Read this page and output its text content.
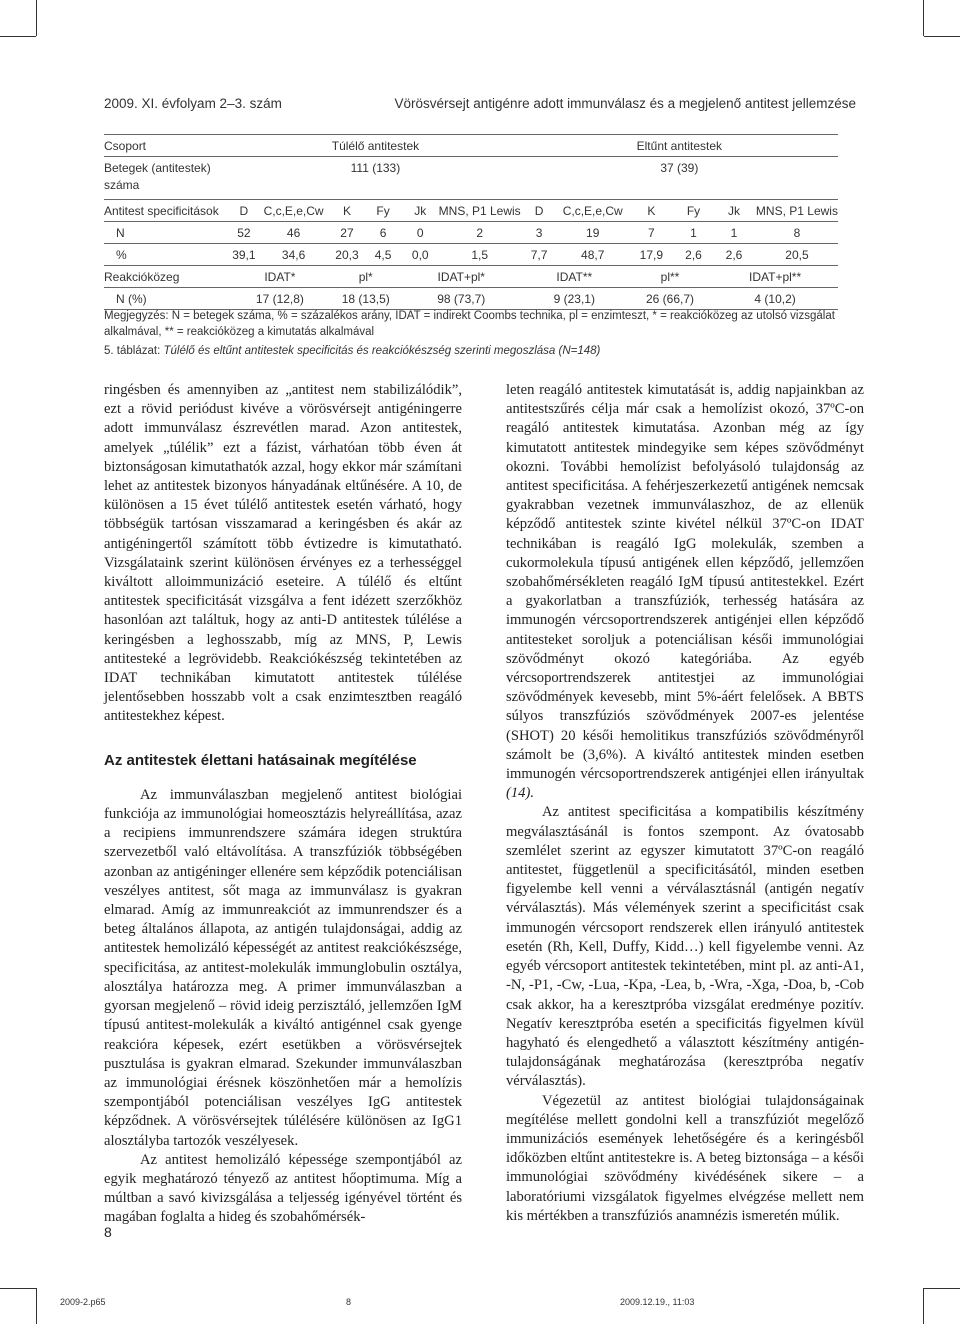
2009. XI. évfolyam 2–3. szám	Vörösvérsejt antigénre adott immunválasz és a megjelenő antitest jellemzése
Csoport	Túlélő antitestek						Eltűnt antitestek					
Betegek (antitestek)	111 (133)						37 (39)					
száma												
Antitest specificitások	D	C,c,E,e,Cw	K	Fy	Jk	MNS, P1 Lewis	D	C,c,E,e,Cw	K	Fy	Jk	MNS, P1 Lewis
N	52	46	27	6	0	2	3	19	7	1	1	8
%	39,1	34,6	20,3	4,5	0,0	1,5	7,7	48,7	17,9	2,6	2,6	20,5
Reakcióközeg	IDAT*		pl*		IDAT+pl*		IDAT**		pl**		IDAT+pl**	
N (%)	17 (12,8)		18 (13,5)		98 (73,7)		9 (23,1)		26 (66,7)		4 (10,2)	
Megjegyzés: N = betegek száma, % = százalékos arány, IDAT = indirekt Coombs technika, pl = enzimteszt, * = reakcióközeg az utolsó vizsgálat alkalmával, ** = reakcióközeg a kimutatás alkalmával
5. táblázat: Túlélő és eltűnt antitestek specificitás és reakciókészség szerinti megoszlása (N=148)

ringésben és amennyiben az „antitest nem stabilizálódik”, ezt a rövid periódust kivéve a vörösvérsejt antigéningerre adott immunválasz észrevétlen marad. Azon antitestek, amelyek „túlélik” ezt a fázist, várhatóan több éven át biztonságosan kimutathatók azzal, hogy ekkor már számítani lehet az antitestek bizonyos hányadának eltűnésére. A 10, de különösen a 15 évet túlélő antitestek esetén várható, hogy többségük tartósan visszamarad a keringésben és akár az antigéningertől számított több évtizedre is kimutatható. Vizsgálataink szerint különösen érvényes ez a terhességgel kiváltott alloimmunizáció eseteire. A túlélő és eltűnt antitestek specificitását vizsgálva a fent idézett szerzőkhöz hasonlóan azt találtuk, hogy az anti-D antitestek túlélése a keringésben a leghosszabb, míg az MNS, P, Lewis antitesteké a legrövidebb. Reakciókészség tekintetében az IDAT technikában kimutatott antitestek túlélése jelentősebben hosszabb volt a csak enzimtesztben reagáló antitestekhez képest.

Az antitestek élettani hatásainak megítélése

Az immunválaszban megjelenő antitest biológiai funkciója az immunológiai homeosztázis helyreállítása, azaz a recipiens immunrendszere számára idegen struktúra szervezetből való eltávolítása. A transzfúziók többségében azonban az antigéninger ellenére sem képződik potenciálisan veszélyes antitest, sőt maga az immunválasz is gyakran elmarad. Amíg az immunreakciót az immunrendszer és a beteg általános állapota, az antigén tulajdonságai, addig az antitestek hemolizáló képességét az antitest reakciókészsége, specificitása, az antitest-molekulák immunglobulin osztálya, alosztálya határozza meg. A primer immunválaszban a gyorsan megjelenő – rövid ideig perzisztáló, jellemzően IgM típusú antitest-molekulák a kiváltó antigénnel csak gyenge reakcióra képesek, ezért esetükben a vörösvérsejtek pusztulása is gyakran elmarad. Szekunder immunválaszban az immunológiai érésnek köszönhetően már a hemolízis szempontjából potenciálisan veszélyes IgG antitestek képződnek. A vörösvérsejtek túlélésére különösen az IgG1 alosztályba tartozók veszélyesek.

Az antitest hemolizáló képessége szempontjából az egyik meghatározó tényező az antitest hőoptimuma. Míg a múltban a savó kivizsgálása a teljesség igényével történt és magában foglalta a hideg és szobahőmérsék-

leten reagáló antitestek kimutatását is, addig napjainkban az antitestszűrés célja már csak a hemolízist okozó, 37ºC-on reagáló antitestek kimutatása. Azonban még az így kimutatott antitestek mindegyike sem képes szövődményt okozni. További hemolízist befolyásoló tulajdonság az antitest specificitása. A fehérjeszerkezetű antigének nemcsak gyakrabban vezetnek immunválaszhoz, de az ellenük képződő antitestek szinte kivétel nélkül 37ºC-on IDAT technikában is reagáló IgG molekulák, szemben a cukormolekula típusú antigének ellen képződő, jellemzően szobahőmérsékleten reagáló IgM típusú antitestekkel. Ezért a gyakorlatban a transzfúziók, terhesség hatására az immunogén vércsoportrendszerek antigénjei ellen képződő antitesteket soroljuk a potenciálisan késői immunológiai szövődményt okozó kategóriába. Az egyéb vércsoportrendszerek antitestjei az immunológiai szövődmények kevesebb, mint 5%-áért felelősek. A BBTS súlyos transzfúziós szövődmények 2007-es jelentése (SHOT) 20 késői hemolitikus transzfúziós szövődményről számolt be (3,6%). A kiváltó antitestek minden esetben immunogén vércsoportrendszerek antigénjei ellen irányultak (14).

Az antitest specificitása a kompatibilis készítmény megválasztásánál is fontos szempont. Az óvatosabb szemlélet szerint az egyszer kimutatott 37ºC-on reagáló antitestet, függetlenül a specificitásától, minden esetben figyelembe kell venni a vérválasztásnál (antigén negatív vérválasztás). Más vélemények szerint a specificitást csak immunogén vércsoport rendszerek ellen irányuló antitestek esetén (Rh, Kell, Duffy, Kidd…) kell figyelembe venni. Az egyéb vércsoport antitestek tekintetében, mint pl. az anti-A1, -N, -P1, -Cw, -Lua, -Kpa, -Lea, b, -Wra, -Xga, -Doa, b, -Cob csak akkor, ha a keresztpróba vizsgálat eredménye pozitív. Negatív keresztpróba esetén a specificitás figyelmen kívül hagyható és elengedhető a választott készítmény antigén-tulajdonságának meghatározása (keresztpróba negatív vérválasztás).

Végezetül az antitest biológiai tulajdonságainak megítélése mellett gondolni kell a transzfúziót megelőző immunizációs események lehetőségére és a keringésből időközben eltűnt antitestekre is. A beteg biztonsága – a késői immunológiai szövődmény kivédésének sikere – a laboratóriumi vizsgálatok figyelmes elvégzése mellett nem kis mértékben a transzfúziós anamnézis ismeretén múlik.

8
2009-2.p65	8	2009.12.19., 11:03
